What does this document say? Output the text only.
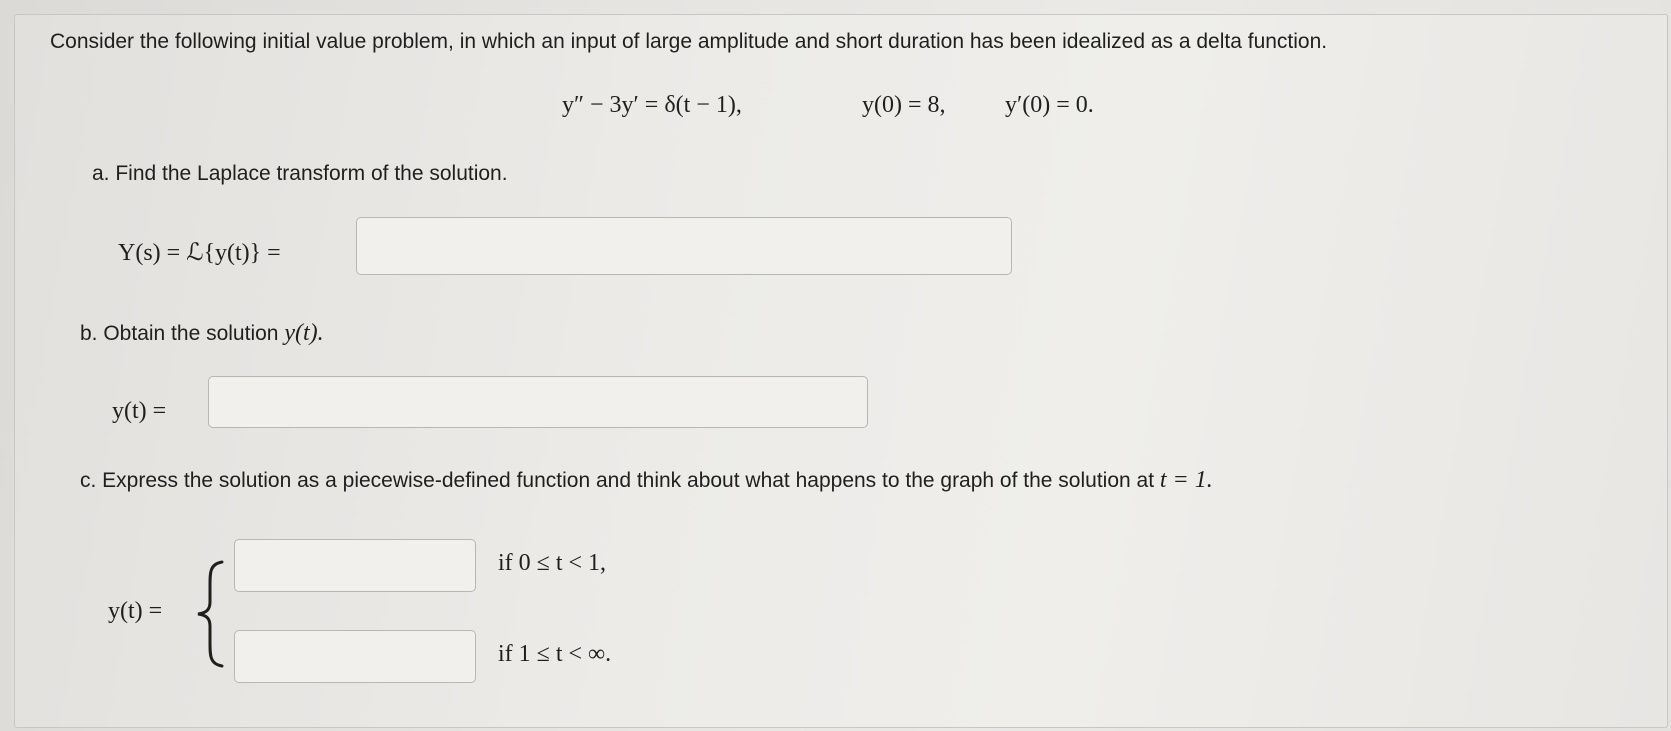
Consider the following initial value problem, in which an input of large amplitude and short duration has been idealized as a delta function.
y″ − 3y′ = δ(t − 1),	y(0) = 8, y′(0) = 0.
a. Find the Laplace transform of the solution.
Y(s) = ℒ{y(t)} =
b. Obtain the solution y(t).
y(t) =
c. Express the solution as a piecewise-defined function and think about what happens to the graph of the solution at t = 1.
y(t) =
if 0 ≤ t < 1,
if 1 ≤ t < ∞.
